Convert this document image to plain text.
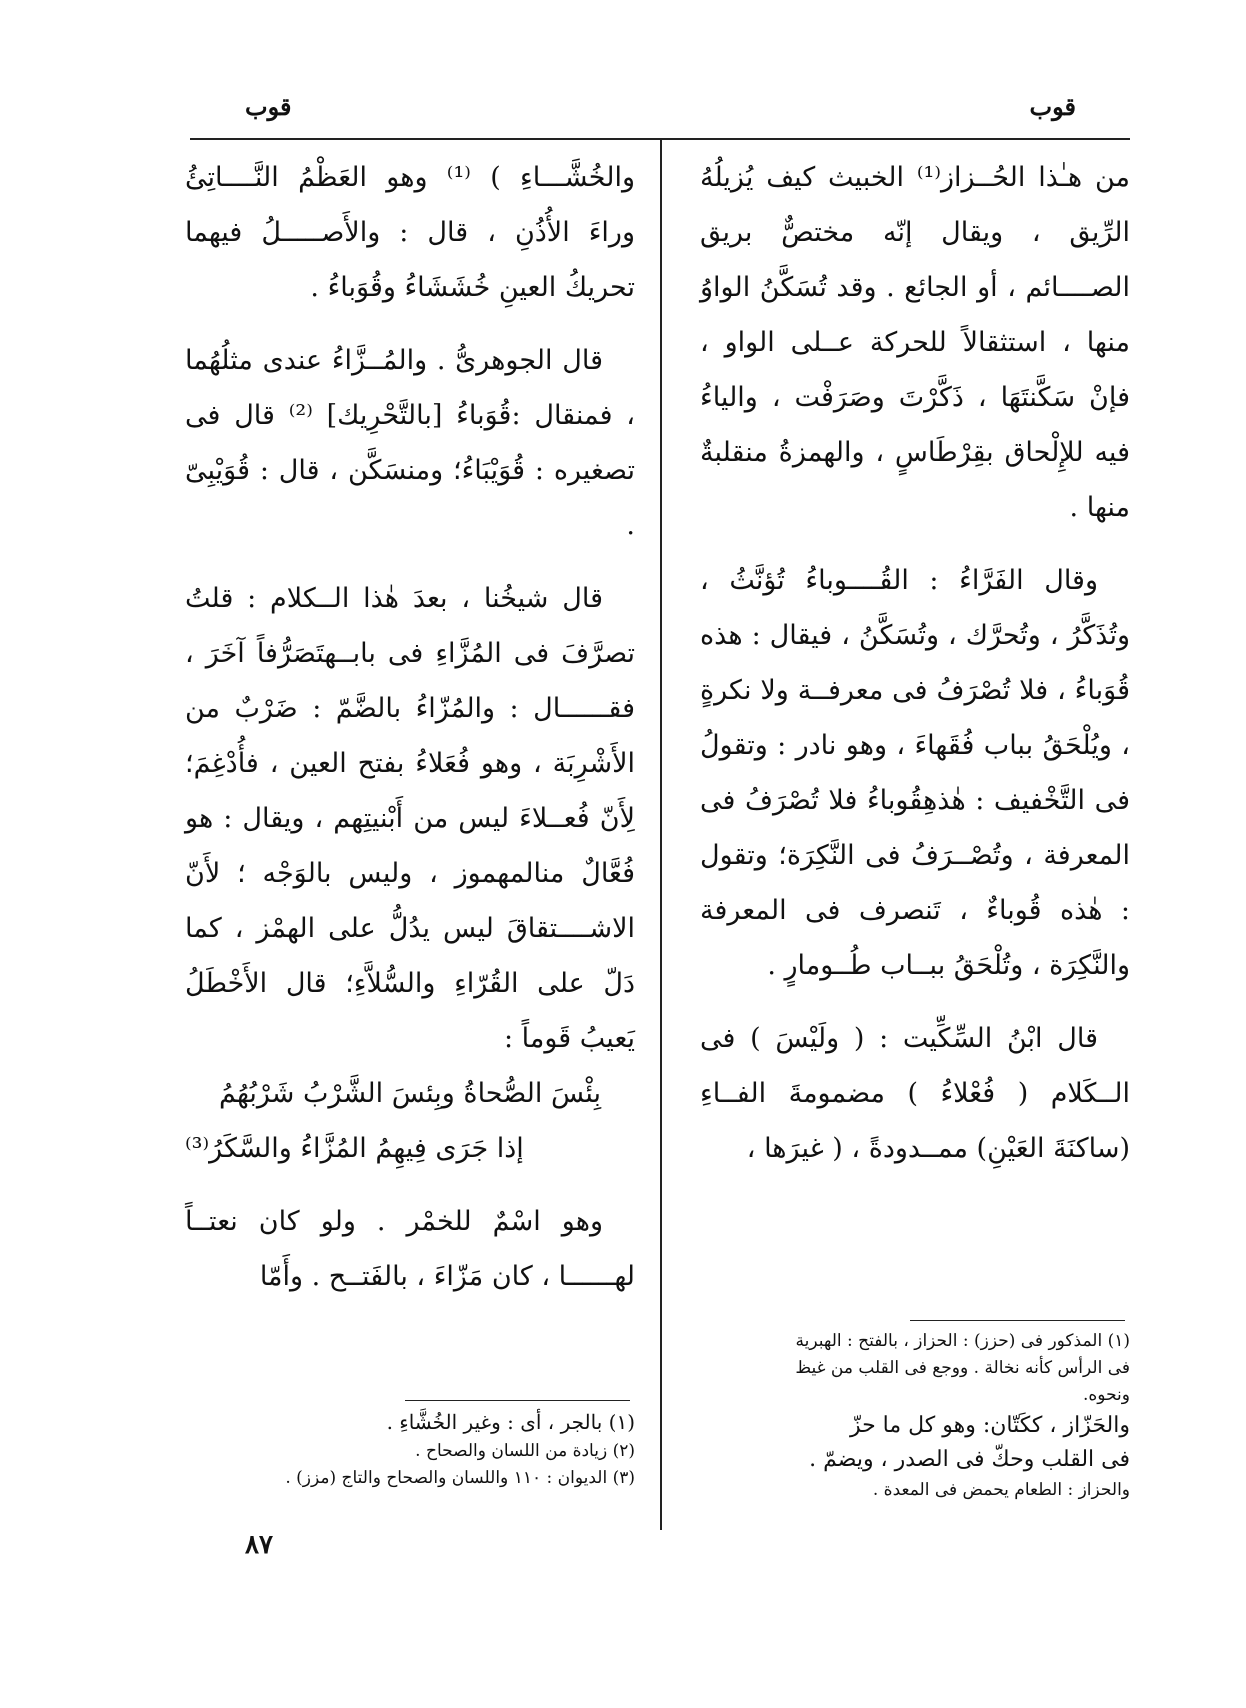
قوب
قوب

من هـٰذا الحُــزاز⁽¹⁾ الخبيث كيف يُزيلُهُ الرِّيق ، ويقال إنّه مختصٌّ بريق الصــــائم ، أو الجائع . وقد تُسَكَّنُ الواوُ منها ، استثقالاً للحركة عــلى الواو ، فإنْ سَكَّنتَهَا ، ذَكَّرْتَ وصَرَفْت ، والياءُ فيه للإِلْحاق بقِرْطَاسٍ ، والهمزةُ منقلبةٌ منها .

وقال الفَرَّاءُ : القُــــوباءُ تُؤنَّثُ ، وتُذَكَّرُ ، وتُحرَّك ، وتُسَكَّنُ ، فيقال : هذه قُوَباءُ ، فلا تُصْرَفُ فى معرفــة ولا نكرةٍ ، ويُلْحَقُ بباب فُقَهاءَ ، وهو نادر : وتقولُ فى التَّخْفيف : هٰذهِقُوباءُ فلا تُصْرَفُ فى المعرفة ، وتُصْــرَفُ فى النَّكِرَة؛ وتقول : هٰذه قُوباءٌ ، تَنصرف فى المعرفة والنَّكِرَة ، وتُلْحَقُ ببــاب طُــومارٍ .

قال ابْنُ السِّكِّيت : ( ولَيْسَ ) فى الــكَلام ( فُعْلاءُ ) مضمومةَ الفــاءِ (ساكنَةَ العَيْنِ) ممــدودةً ، ( غيرَها ،

(١) المذكور فى (حزز) : الحزاز ، بالفتح : الهبرية
فى الرأس كأنه نخالة . ووجع فى القلب من غيظ ونحوه.
والحَزّاز ، ككَتّان: وهو كل ما حزّ
فى القلب وحكّ فى الصدر ، ويضمّ .
والحزاز : الطعام يحمض فى المعدة .

والخُشَّـــاءِ ) ⁽¹⁾ وهو العَظْمُ النَّــــاتِئُ وراءَ الأُذُنِ ، قال : والأَصـــــلُ فيهما تحريكُ العينِ خُشَشَاءُ وقُوَباءُ .

قال الجوهرىُّ . والمُــزَّاءُ عندى مثلُهُما ، فمنقال :قُوَباءُ [بالتَّحْرِيك] ⁽²⁾ قال فى تصغيره : قُوَيْبَاءُ؛ ومنسَكَّن ، قال : قُوَيْبِىّ .

قال شيخُنا ، بعدَ هٰذا الــكلام : قلتُ تصرَّفَ فى المُزَّاءِ فى بابــهتَصَرُّفاً آخَرَ ، فقــــــال : والمُزّاءُ بالضَّمّ : ضَرْبٌ من الأَشْرِبَة ، وهو فُعَلاءُ بفتح العين ، فأُدْغِمَ؛ لِأَنّ فُعــلاءَ ليس من أَبْنيتِهم ، ويقال : هو فُعَّالٌ منالمهموز ، وليس بالوَجْه ؛ لأَنّ الاشــــتقاقَ ليس يدُلُّ على الهمْز ، كما دَلّ على القُرّاءِ والسُّلاَّءِ؛ قال الأَخْطَلُ يَعيبُ قَوماً :

بِئْسَ الصُّحاةُ وبِئسَ الشَّرْبُ شَرْبُهُمُ

إذا جَرَى فِيهِمُ المُزَّاءُ والسَّكَرُ⁽³⁾

وهو اسْمٌ للخمْر . ولو كان نعتــاً لهــــــا ، كان مَزّاءَ ، بالفَتــح . وأَمّا

(١) بالجر ، أى : وغير الخُشَّاءِ .
(٢) زيادة من اللسان والصحاح .
(٣) الديوان : ١١٠ واللسان والصحاح والتاج (مزز) .
٨٧
